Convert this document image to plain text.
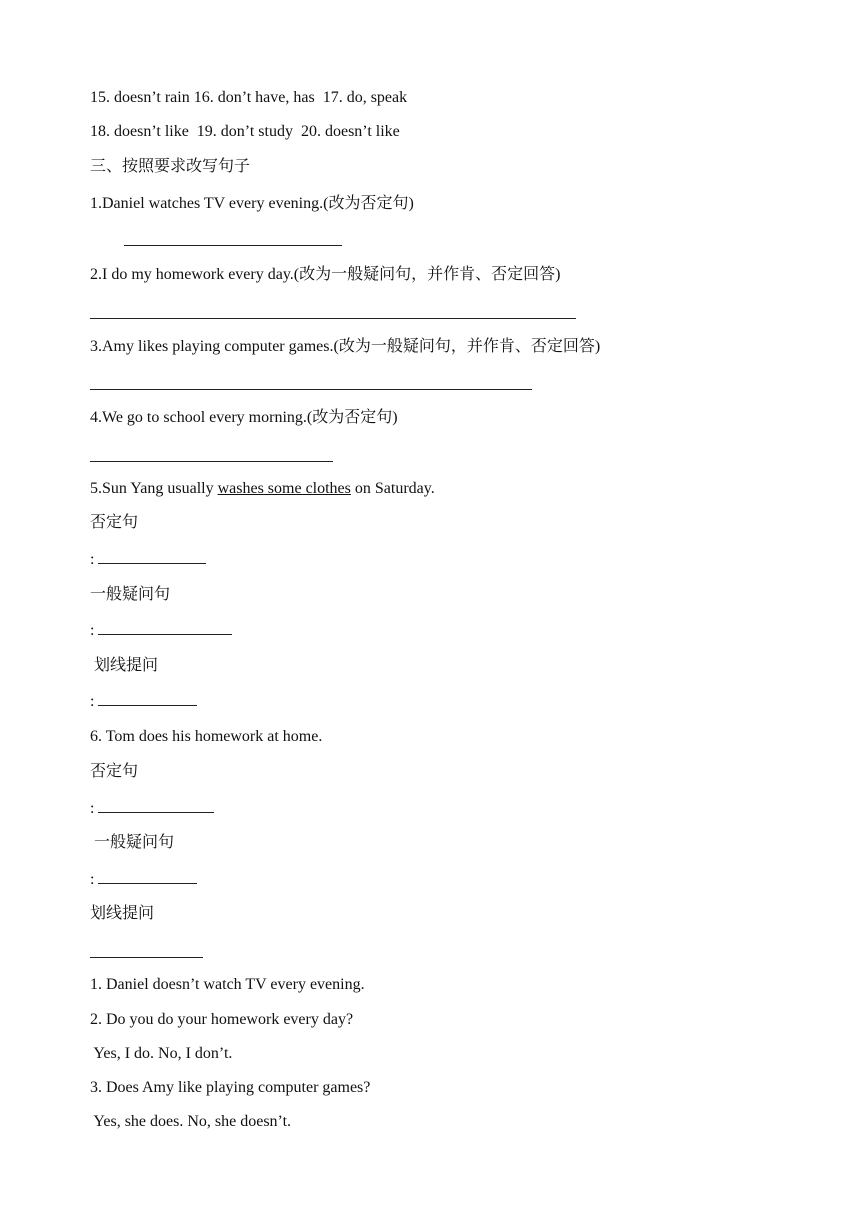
15. doesn’t rain 16. don’t have, has  17. do, speak
18. doesn’t like  19. don’t study  20. doesn’t like
三、按照要求改写句子
1.Daniel watches TV every evening.(改为否定句)
2.I do my homework every day.(改为一般疑问句，并作肯、否定回答)
3.Amy likes playing computer games.(改为一般疑问句，并作肯、否定回答)
4.We go to school every morning.(改为否定句)
5.Sun Yang usually washes some clothes on Saturday.
否定句
:
一般疑问句
:
划线提问
:
6. Tom does his homework at home.
否定句
:
一般疑问句
:
划线提问
1. Daniel doesn’t watch TV every evening.
2. Do you do your homework every day?
Yes, I do. No, I don’t.
3. Does Amy like playing computer games?
Yes, she does. No, she doesn’t.
